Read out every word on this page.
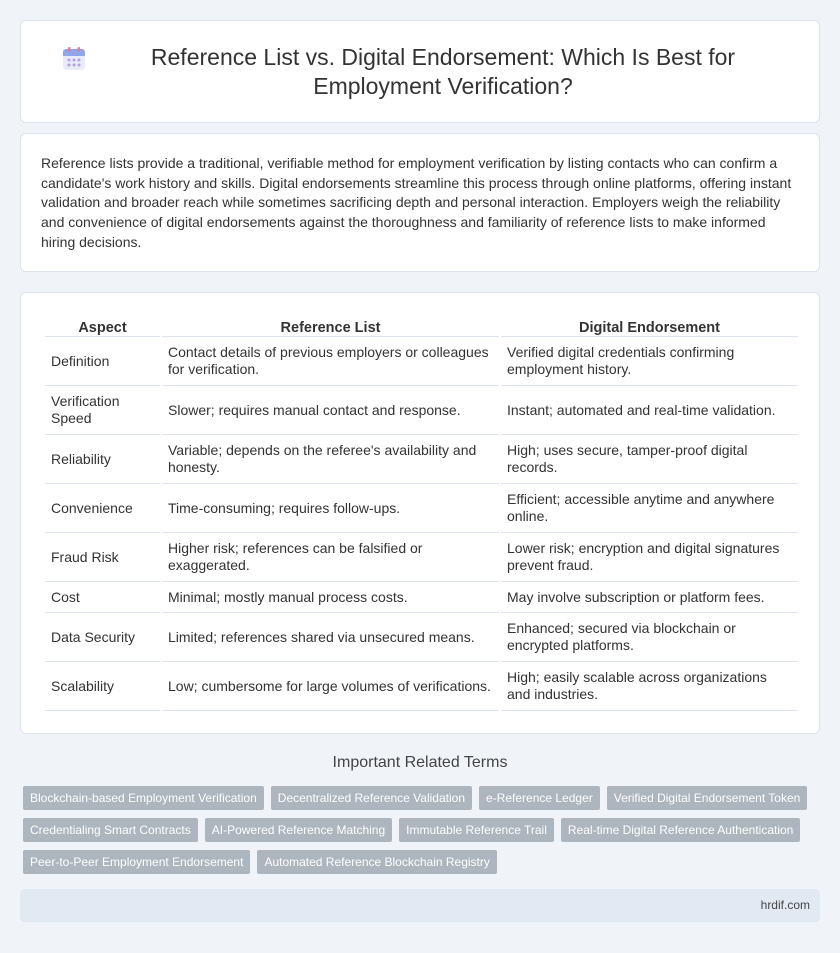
Reference List vs. Digital Endorsement: Which Is Best for Employment Verification?

Reference lists provide a traditional, verifiable method for employment verification by listing contacts who can confirm a candidate's work history and skills. Digital endorsements streamline this process through online platforms, offering instant validation and broader reach while sometimes sacrificing depth and personal interaction. Employers weigh the reliability and convenience of digital endorsements against the thoroughness and familiarity of reference lists to make informed hiring decisions.

Aspect	Reference List	Digital Endorsement
Definition	Contact details of previous employers or colleagues for verification.	Verified digital credentials confirming employment history.
Verification Speed	Slower; requires manual contact and response.	Instant; automated and real-time validation.
Reliability	Variable; depends on the referee's availability and honesty.	High; uses secure, tamper-proof digital records.
Convenience	Time-consuming; requires follow-ups.	Efficient; accessible anytime and anywhere online.
Fraud Risk	Higher risk; references can be falsified or exaggerated.	Lower risk; encryption and digital signatures prevent fraud.
Cost	Minimal; mostly manual process costs.	May involve subscription or platform fees.
Data Security	Limited; references shared via unsecured means.	Enhanced; secured via blockchain or encrypted platforms.
Scalability	Low; cumbersome for large volumes of verifications.	High; easily scalable across organizations and industries.
Important Related Terms
Blockchain-based Employment Verification	Decentralized Reference Validation	e-Reference Ledger	Verified Digital Endorsement Token
Credentialing Smart Contracts	AI-Powered Reference Matching	Immutable Reference Trail	Real-time Digital Reference Authentication
Peer-to-Peer Employment Endorsement	Automated Reference Blockchain Registry
hrdif.com
